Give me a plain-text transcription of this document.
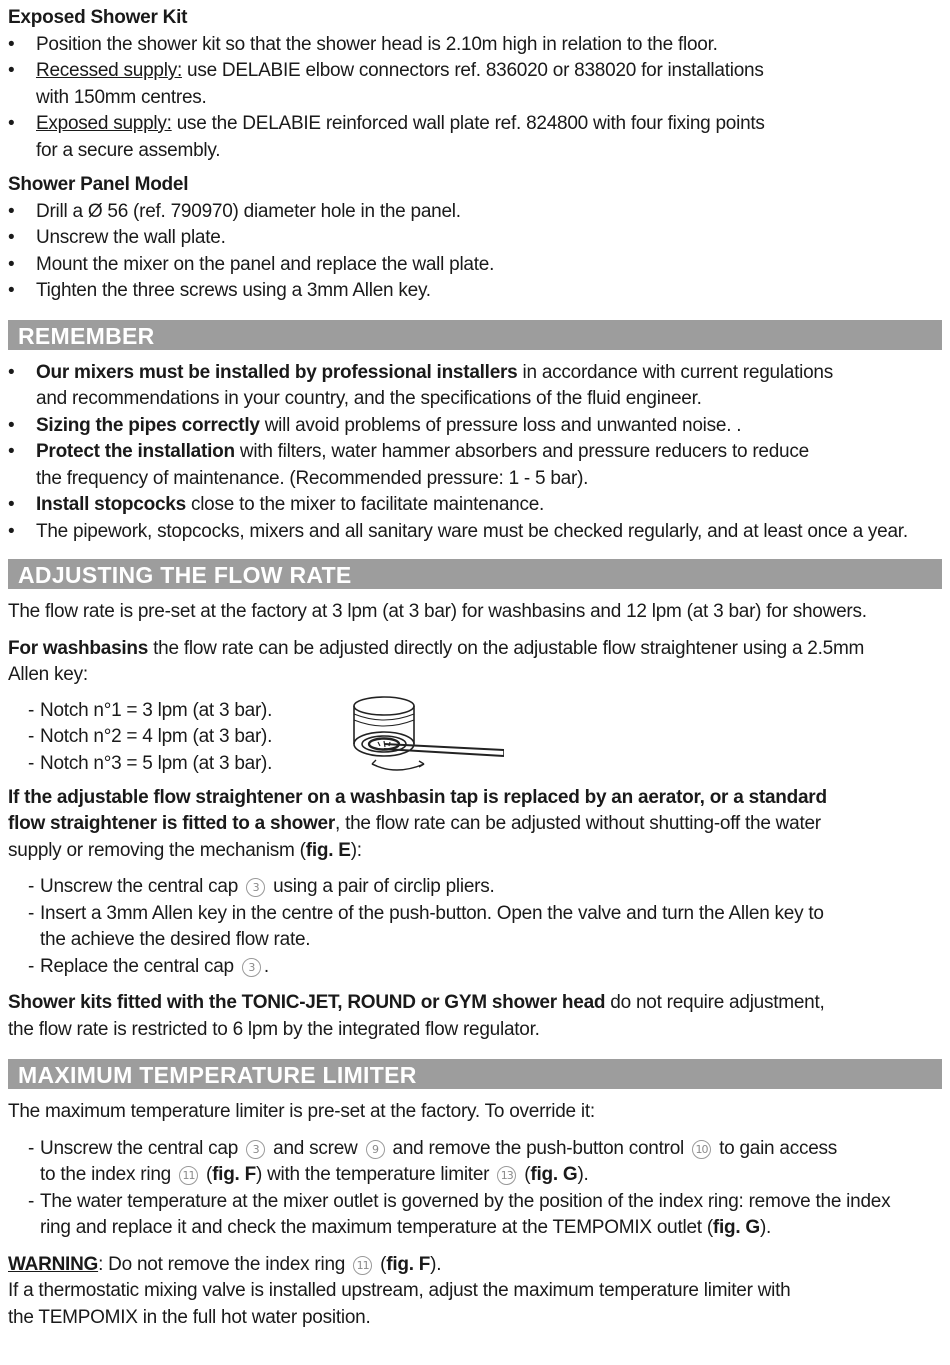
Exposed Shower Kit

• Position the shower kit so that the shower head is 2.10m high in relation to the floor.
• Recessed supply: use DELABIE elbow connectors ref. 836020 or 838020 for installations
with 150mm centres.
• Exposed supply: use the DELABIE reinforced wall plate ref. 824800 with four fixing points
for a secure assembly.

Shower Panel Model

• Drill a Ø 56 (ref. 790970) diameter hole in the panel.
• Unscrew the wall plate.
• Mount the mixer on the panel and replace the wall plate.
• Tighten the three screws using a 3mm Allen key.
REMEMBER
• Our mixers must be installed by professional installers in accordance with current regulations
and recommendations in your country, and the specifications of the fluid engineer.
• Sizing the pipes correctly will avoid problems of pressure loss and unwanted noise. .
• Protect the installation with filters, water hammer absorbers and pressure reducers to reduce
the frequency of maintenance. (Recommended pressure: 1 - 5 bar).
• Install stopcocks close to the mixer to facilitate maintenance.
• The pipework, stopcocks, mixers and all sanitary ware must be checked regularly, and at least once a year.
ADJUSTING THE FLOW RATE

The flow rate is pre-set at the factory at 3 lpm (at 3 bar) for washbasins and 12 lpm (at 3 bar) for showers.

For washbasins the flow rate can be adjusted directly on the adjustable flow straightener using a 2.5mm
Allen key:

- Notch n°1 = 3 lpm (at 3 bar).
- Notch n°2 = 4 lpm (at 3 bar).
- Notch n°3 = 5 lpm (at 3 bar).

If the adjustable flow straightener on a washbasin tap is replaced by an aerator, or a standard
flow straightener is fitted to a shower, the flow rate can be adjusted without shutting-off the water
supply or removing the mechanism (fig. E):

- Unscrew the central cap 3 using a pair of circlip pliers.
- Insert a 3mm Allen key in the centre of the push-button. Open the valve and turn the Allen key to
the achieve the desired flow rate.
- Replace the central cap 3 .

Shower kits fitted with the TONIC-JET, ROUND or GYM shower head do not require adjustment,
the flow rate is restricted to 6 lpm by the integrated flow regulator.

MAXIMUM TEMPERATURE LIMITER

The maximum temperature limiter is pre-set at the factory. To override it:

- Unscrew the central cap 3 and screw 9 and remove the push-button control 10 to gain access
to the index ring 11 (fig. F) with the temperature limiter 13 (fig. G).
- The water temperature at the mixer outlet is governed by the position of the index ring: remove the index
ring and replace it and check the maximum temperature at the TEMPOMIX outlet (fig. G).

WARNING: Do not remove the index ring 11 (fig. F).
If a thermostatic mixing valve is installed upstream, adjust the maximum temperature limiter with
the TEMPOMIX in the full hot water position.
